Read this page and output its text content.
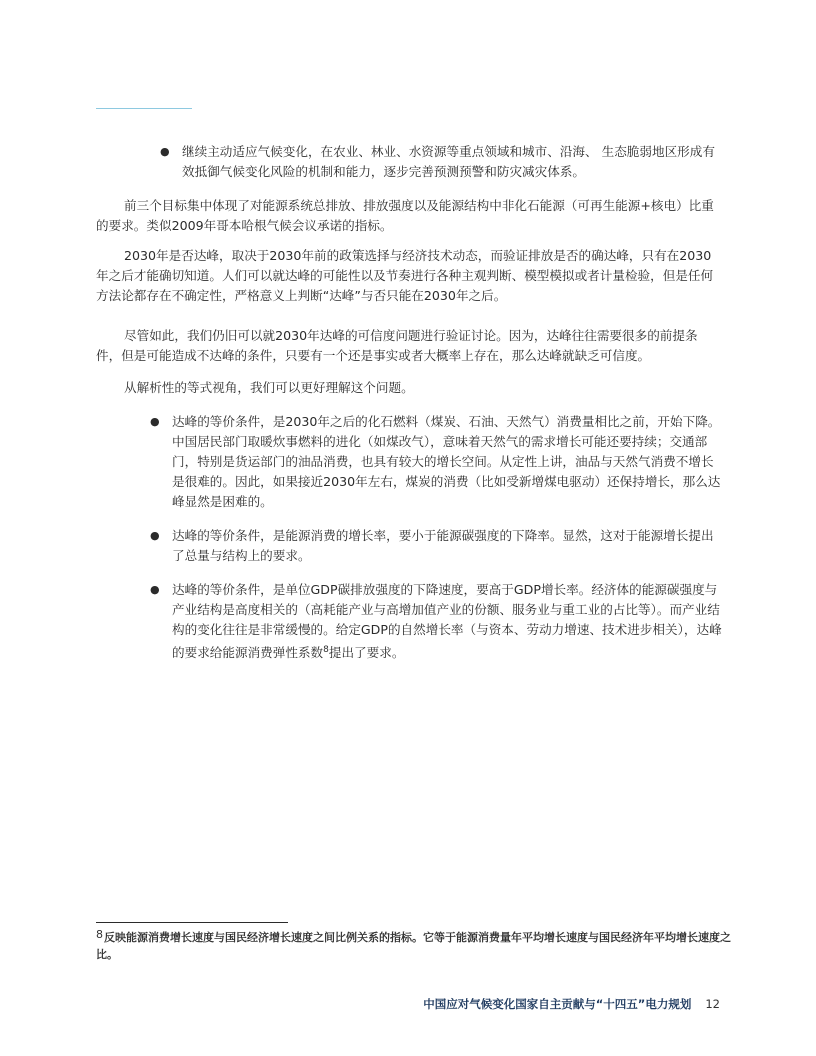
● 继续主动适应气候变化，在农业、林业、水资源等重点领域和城市、沿海、 生态脆弱地区形成有效抵御气候变化风险的机制和能力，逐步完善预测预警和防灾减灾体系。

前三个目标集中体现了对能源系统总排放、排放强度以及能源结构中非化石能源（可再生能源+核电）比重的要求。类似2009年哥本哈根气候会议承诺的指标。

2030年是否达峰，取决于2030年前的政策选择与经济技术动态，而验证排放是否的确达峰，只有在2030年之后才能确切知道。人们可以就达峰的可能性以及节奏进行各种主观判断、模型模拟或者计量检验，但是任何方法论都存在不确定性，严格意义上判断“达峰”与否只能在2030年之后。

尽管如此，我们仍旧可以就2030年达峰的可信度问题进行验证讨论。因为，达峰往往需要很多的前提条件，但是可能造成不达峰的条件，只要有一个还是事实或者大概率上存在，那么达峰就缺乏可信度。

从解析性的等式视角，我们可以更好理解这个问题。

● 达峰的等价条件，是2030年之后的化石燃料（煤炭、石油、天然气）消费量相比之前，开始下降。中国居民部门取暖炊事燃料的进化（如煤改气），意味着天然气的需求增长可能还要持续；交通部门，特别是货运部门的油品消费，也具有较大的增长空间。从定性上讲，油品与天然气消费不增长是很难的。因此，如果接近2030年左右，煤炭的消费（比如受新增煤电驱动）还保持增长，那么达峰显然是困难的。
● 达峰的等价条件，是能源消费的增长率，要小于能源碳强度的下降率。显然，这对于能源增长提出了总量与结构上的要求。
● 达峰的等价条件，是单位GDP碳排放强度的下降速度，要高于GDP增长率。经济体的能源碳强度与产业结构是高度相关的（高耗能产业与高增加值产业的份额、服务业与重工业的占比等）。而产业结构的变化往往是非常缓慢的。给定GDP的自然增长率（与资本、劳动力增速、技术进步相关），达峰的要求给能源消费弹性系数$^8$提出了要求。
8反映能源消费增长速度与国民经济增长速度之间比例关系的指标。它等于能源消费量年平均增长速度与国民经济年平均增长速度之比。
中国应对气候变化国家自主贡献与“十四五”电力规划 12
